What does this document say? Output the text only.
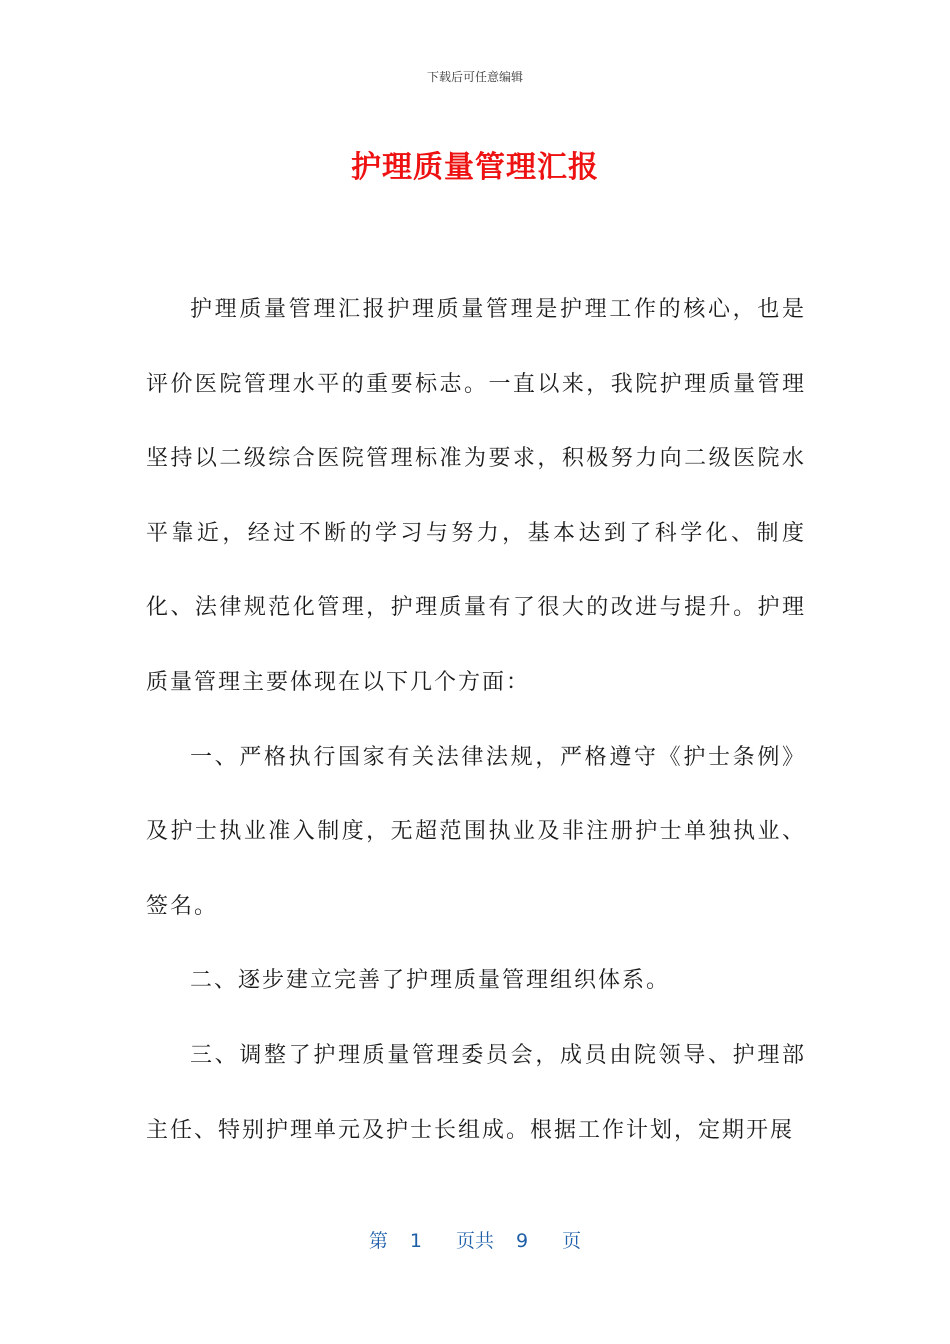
下载后可任意编辑
护理质量管理汇报

护理质量管理汇报护理质量管理是护理工作的核心，也是评价医院管理水平的重要标志。一直以来，我院护理质量管理坚持以二级综合医院管理标准为要求，积极努力向二级医院水平靠近，经过不断的学习与努力，基本达到了科学化、制度化、法律规范化管理，护理质量有了很大的改进与提升。护理质量管理主要体现在以下几个方面：

一、严格执行国家有关法律法规，严格遵守《护士条例》及护士执业准入制度，无超范围执业及非注册护士单独执业、签名。

二、逐步建立完善了护理质量管理组织体系。

三、调整了护理质量管理委员会，成员由院领导、护理部主任、特别护理单元及护士长组成。根据工作计划，定期开展

第 1 页共 9 页
